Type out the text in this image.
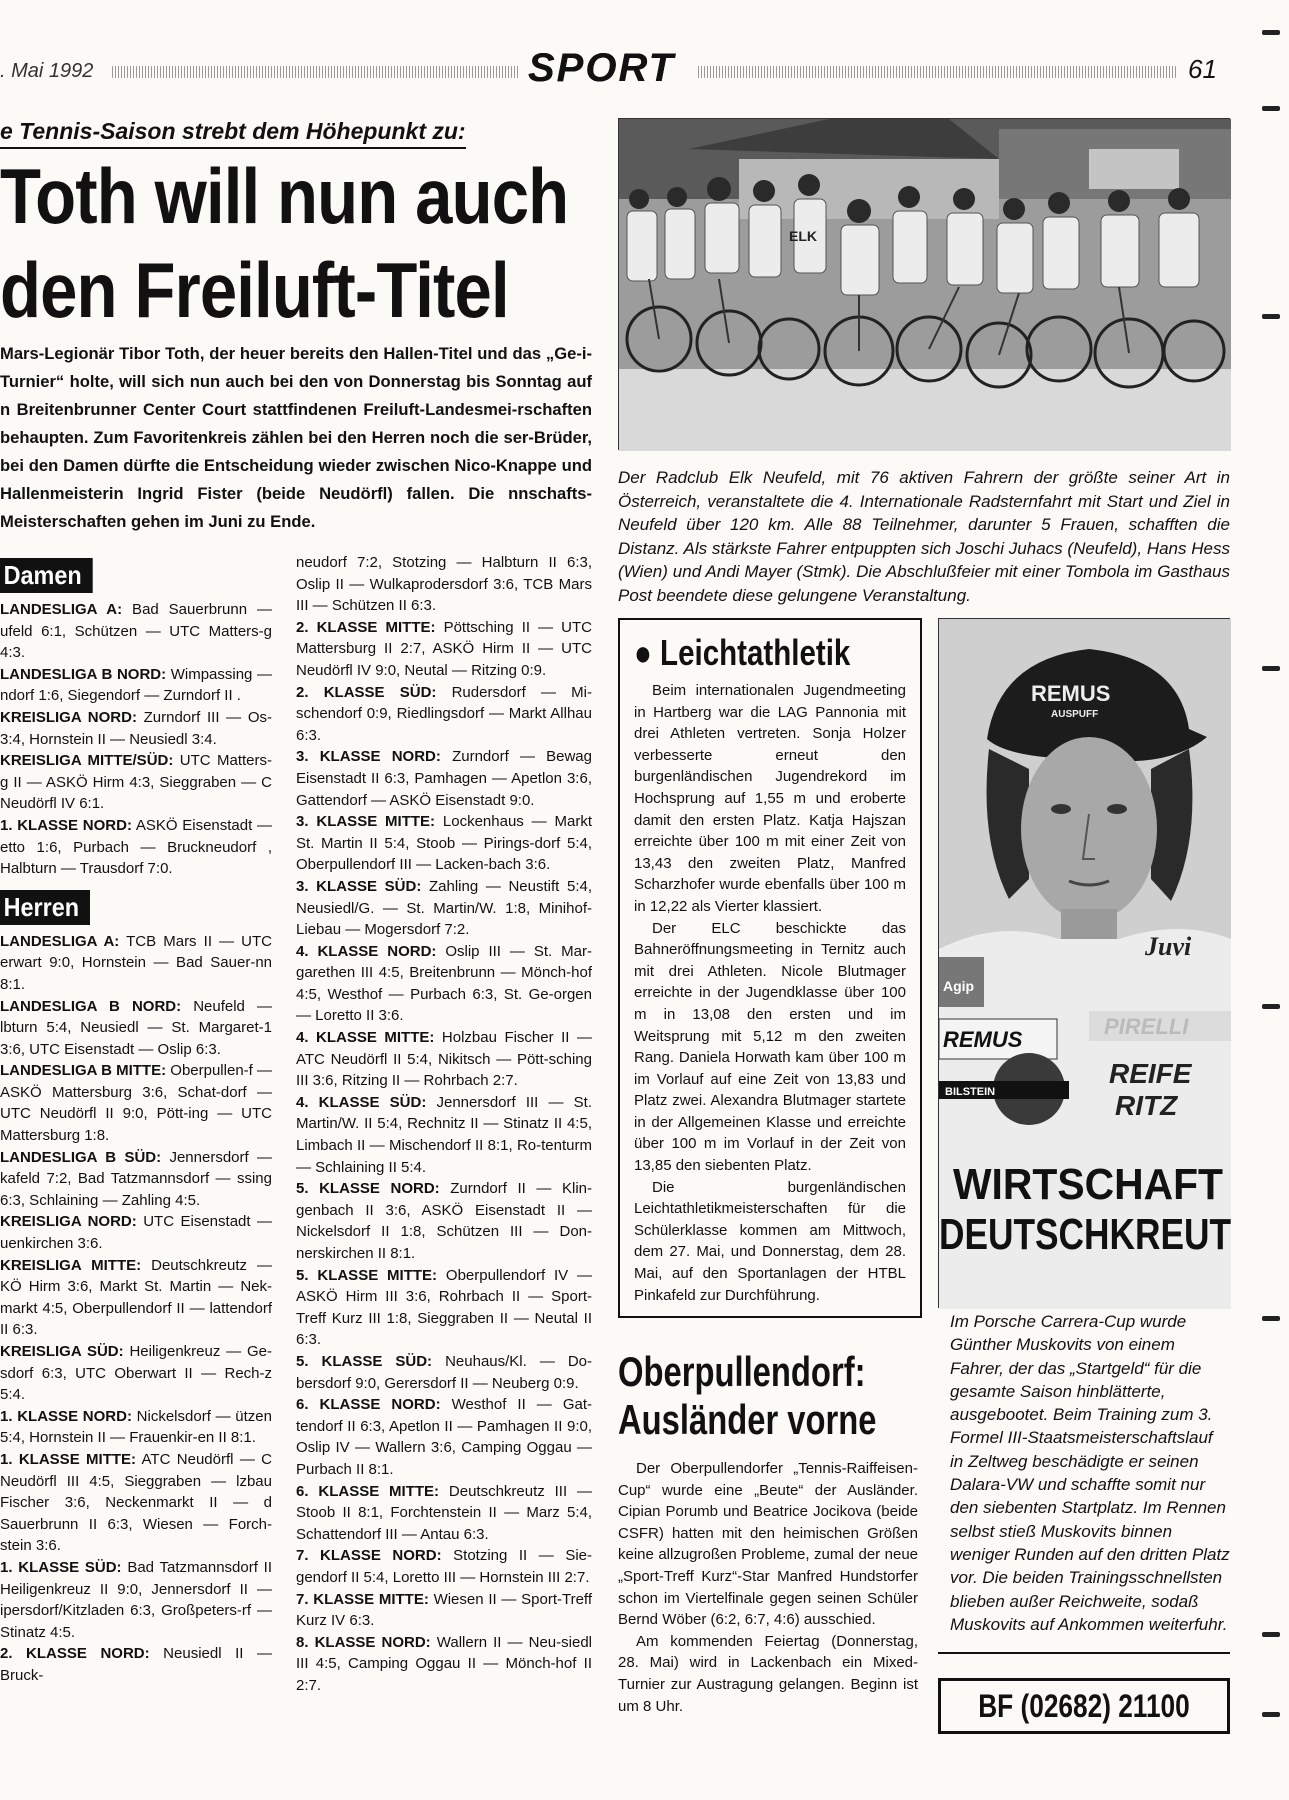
. Mai 1992	SPORT	61
e Tennis-Saison strebt dem Höhepunkt zu:
Toth will nun auch
den Freiluft-Titel
Mars-Legionär Tibor Toth, der heuer bereits den Hallen-Titel und das „Ge-i-Turnier“ holte, will sich nun auch bei den von Donnerstag bis Sonntag auf n Breitenbrunner Center Court stattfindenen Freiluft-Landesmei-rschaften behaupten. Zum Favoritenkreis zählen bei den Herren noch die ser-Brüder, bei den Damen dürfte die Entscheidung wieder zwischen Nico-Knappe und Hallenmeisterin Ingrid Fister (beide Neudörfl) fallen. Die nnschafts-Meisterschaften gehen im Juni zu Ende.
Damen

LANDESLIGA A: Bad Sauerbrunn — ufeld 6:1, Schützen — UTC Matters-g 4:3.

LANDESLIGA B NORD: Wimpassing — ndorf 1:6, Siegendorf — Zurndorf II .

KREISLIGA NORD: Zurndorf III — Os-3:4, Hornstein II — Neusiedl 3:4.

KREISLIGA MITTE/SÜD: UTC Matters-g II — ASKÖ Hirm 4:3, Sieggraben — C Neudörfl IV 6:1.

1. KLASSE NORD: ASKÖ Eisenstadt — etto 1:6, Purbach — Bruckneudorf , Halbturn — Trausdorf 7:0.

Herren

LANDESLIGA A: TCB Mars II — UTC erwart 9:0, Hornstein — Bad Sauer-nn 8:1.

LANDESLIGA B NORD: Neufeld — lbturn 5:4, Neusiedl — St. Margaret-1 3:6, UTC Eisenstadt — Oslip 6:3.

LANDESLIGA B MITTE: Oberpullen-f — ASKÖ Mattersburg 3:6, Schat-dorf — UTC Neudörfl II 9:0, Pött-ing — UTC Mattersburg 1:8.

LANDESLIGA B SÜD: Jennersdorf — kafeld 7:2, Bad Tatzmannsdorf — ssing 6:3, Schlaining — Zahling 4:5.

KREISLIGA NORD: UTC Eisenstadt — uenkirchen 3:6.

KREISLIGA MITTE: Deutschkreutz — KÖ Hirm 3:6, Markt St. Martin — Nek-markt 4:5, Oberpullendorf II — lattendorf II 6:3.

KREISLIGA SÜD: Heiligenkreuz — Ge-sdorf 6:3, UTC Oberwart II — Rech-z 5:4.

1. KLASSE NORD: Nickelsdorf — ützen 5:4, Hornstein II — Frauenkir-en II 8:1.

1. KLASSE MITTE: ATC Neudörfl — C Neudörfl III 4:5, Sieggraben — lzbau Fischer 3:6, Neckenmarkt II — d Sauerbrunn II 6:3, Wiesen — Forch-stein 3:6.

1. KLASSE SÜD: Bad Tatzmannsdorf II Heiligenkreuz II 9:0, Jennersdorf II — ipersdorf/Kitzladen 6:3, Großpeters-rf — Stinatz 4:5.

2. KLASSE NORD: Neusiedl II — Bruck-

neudorf 7:2, Stotzing — Halbturn II 6:3, Oslip II — Wulkaprodersdorf 3:6, TCB Mars III — Schützen II 6:3.

2. KLASSE MITTE: Pöttsching II — UTC Mattersburg II 2:7, ASKÖ Hirm II — UTC Neudörfl IV 9:0, Neutal — Ritzing 0:9.

2. KLASSE SÜD: Rudersdorf — Mi-schendorf 0:9, Riedlingsdorf — Markt Allhau 6:3.

3. KLASSE NORD: Zurndorf — Bewag Eisenstadt II 6:3, Pamhagen — Apetlon 3:6, Gattendorf — ASKÖ Eisenstadt 9:0.

3. KLASSE MITTE: Lockenhaus — Markt St. Martin II 5:4, Stoob — Pirings-dorf 5:4, Oberpullendorf III — Lacken-bach 3:6.

3. KLASSE SÜD: Zahling — Neustift 5:4, Neusiedl/G. — St. Martin/W. 1:8, Minihof-Liebau — Mogersdorf 7:2.

4. KLASSE NORD: Oslip III — St. Mar-garethen III 4:5, Breitenbrunn — Mönch-hof 4:5, Westhof — Purbach 6:3, St. Ge-orgen — Loretto II 3:6.

4. KLASSE MITTE: Holzbau Fischer II — ATC Neudörfl II 5:4, Nikitsch — Pött-sching III 3:6, Ritzing II — Rohrbach 2:7.

4. KLASSE SÜD: Jennersdorf III — St. Martin/W. II 5:4, Rechnitz II — Stinatz II 4:5, Limbach II — Mischendorf II 8:1, Ro-tenturm — Schlaining II 5:4.

5. KLASSE NORD: Zurndorf II — Klin-genbach II 3:6, ASKÖ Eisenstadt II — Nickelsdorf II 1:8, Schützen III — Don-nerskirchen II 8:1.

5. KLASSE MITTE: Oberpullendorf IV — ASKÖ Hirm III 3:6, Rohrbach II — Sport-Treff Kurz III 1:8, Sieggraben II — Neutal II 6:3.

5. KLASSE SÜD: Neuhaus/Kl. — Do-bersdorf 9:0, Gerersdorf II — Neuberg 0:9.

6. KLASSE NORD: Westhof II — Gat-tendorf II 6:3, Apetlon II — Pamhagen II 9:0, Oslip IV — Wallern 3:6, Camping Oggau — Purbach II 8:1.

6. KLASSE MITTE: Deutschkreutz III — Stoob II 8:1, Forchtenstein II — Marz 5:4, Schattendorf III — Antau 6:3.

7. KLASSE NORD: Stotzing II — Sie-gendorf II 5:4, Loretto III — Hornstein III 2:7.

7. KLASSE MITTE: Wiesen II — Sport-Treff Kurz IV 6:3.

8. KLASSE NORD: Wallern II — Neu-siedl III 4:5, Camping Oggau II — Mönch-hof II 2:7.

ELK
Der Radclub Elk Neufeld, mit 76 aktiven Fahrern der größte seiner Art in Österreich, veranstaltete die 4. Internationale Radsternfahrt mit Start und Ziel in Neufeld über 120 km. Alle 88 Teilnehmer, darunter 5 Frauen, schafften die Distanz. Als stärkste Fahrer entpuppten sich Joschi Juhacs (Neufeld), Hans Hess (Wien) und Andi Mayer (Stmk). Die Abschlußfeier mit einer Tombola im Gasthaus Post beendete diese gelungene Veranstaltung.
● Leichtathletik

Beim internationalen Jugendmeeting in Hartberg war die LAG Pannonia mit drei Athleten vertreten. Sonja Holzer verbesserte erneut den burgenländischen Jugendrekord im Hochsprung auf 1,55 m und eroberte damit den ersten Platz. Katja Hajszan erreichte über 100 m mit einer Zeit von 13,43 den zweiten Platz, Manfred Scharzhofer wurde ebenfalls über 100 m in 12,22 als Vierter klassiert.

Der ELC beschickte das Bahneröffnungsmeeting in Ternitz auch mit drei Athleten. Nicole Blutmager erreichte in der Jugendklasse über 100 m in 13,08 den ersten und im Weitsprung mit 5,12 m den zweiten Rang. Daniela Horwath kam über 100 m im Vorlauf auf eine Zeit von 13,83 und Platz zwei. Alexandra Blutmager startete in der Allgemeinen Klasse und erreichte über 100 m im Vorlauf in der Zeit von 13,85 den siebenten Platz.

Die burgenländischen Leichtathletikmeisterschaften für die Schülerklasse kommen am Mittwoch, dem 27. Mai, und Donnerstag, dem 28. Mai, auf den Sportanlagen der HTBL Pinkafeld zur Durchführung.

REMUS
AUSPUFF
Agip
Juvi
REMUS
PIRELLI
REIFE
RITZ
BILSTEIN
WIRTSCHAFT
DEUTSCHKREUT
Im Porsche Carrera-Cup wurde Günther Muskovits von einem Fahrer, der das „Startgeld“ für die gesamte Saison hinblätterte, ausgebootet. Beim Training zum 3. Formel III-Staatsmeisterschaftslauf in Zeltweg beschädigte er seinen Dalara-VW und schaffte somit nur den siebenten Startplatz. Im Rennen selbst stieß Muskovits binnen weniger Runden auf den dritten Platz vor. Die beiden Trainingsschnellsten blieben außer Reichweite, sodaß Muskovits auf Ankommen weiterfuhr.
Oberpullendorf:
Ausländer vorne

Der Oberpullendorfer „Tennis-Raiffeisen-Cup“ wurde eine „Beute“ der Ausländer. Cipian Porumb und Beatrice Jocikova (beide CSFR) hatten mit den heimischen Größen keine allzugroßen Probleme, zumal der neue „Sport-Treff Kurz“-Star Manfred Hundstorfer schon im Viertelfinale gegen seinen Schüler Bernd Wöber (6:2, 6:7, 4:6) ausschied.

Am kommenden Feiertag (Donnerstag, 28. Mai) wird in Lackenbach ein Mixed-Turnier zur Austragung gelangen. Beginn ist um 8 Uhr.	BF (02682) 21100
